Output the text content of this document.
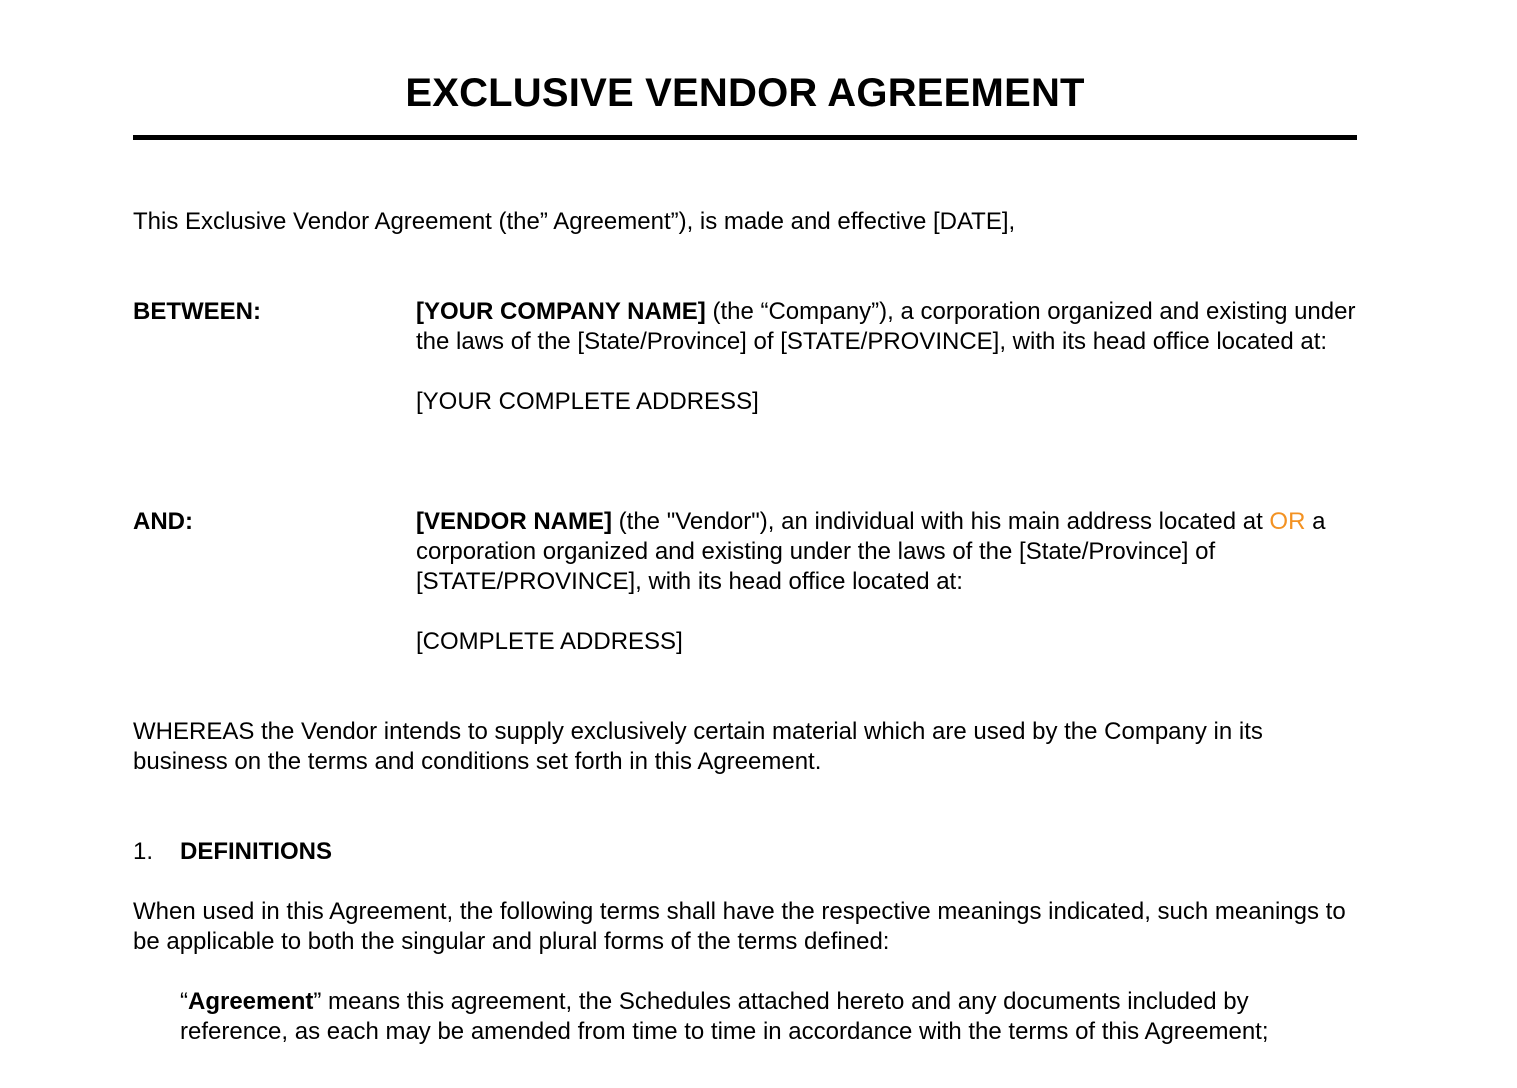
EXCLUSIVE VENDOR AGREEMENT
This Exclusive Vendor Agreement (the” Agreement”), is made and effective [DATE],
BETWEEN:	[YOUR COMPANY NAME] (the “Company”), a corporation organized and existing under the laws of the [State/Province] of [STATE/PROVINCE], with its head office located at:

[YOUR COMPLETE ADDRESS]

AND:	[VENDOR NAME] (the "Vendor"), an individual with his main address located at OR a corporation organized and existing under the laws of the [State/Province] of [STATE/PROVINCE], with its head office located at:

[COMPLETE ADDRESS]

WHEREAS the Vendor intends to supply exclusively certain material which are used by the Company in its business on the terms and conditions set forth in this Agreement.
1. DEFINITIONS
When used in this Agreement, the following terms shall have the respective meanings indicated, such meanings to be applicable to both the singular and plural forms of the terms defined:
“Agreement” means this agreement, the Schedules attached hereto and any documents included by reference, as each may be amended from time to time in accordance with the terms of this Agreement;
